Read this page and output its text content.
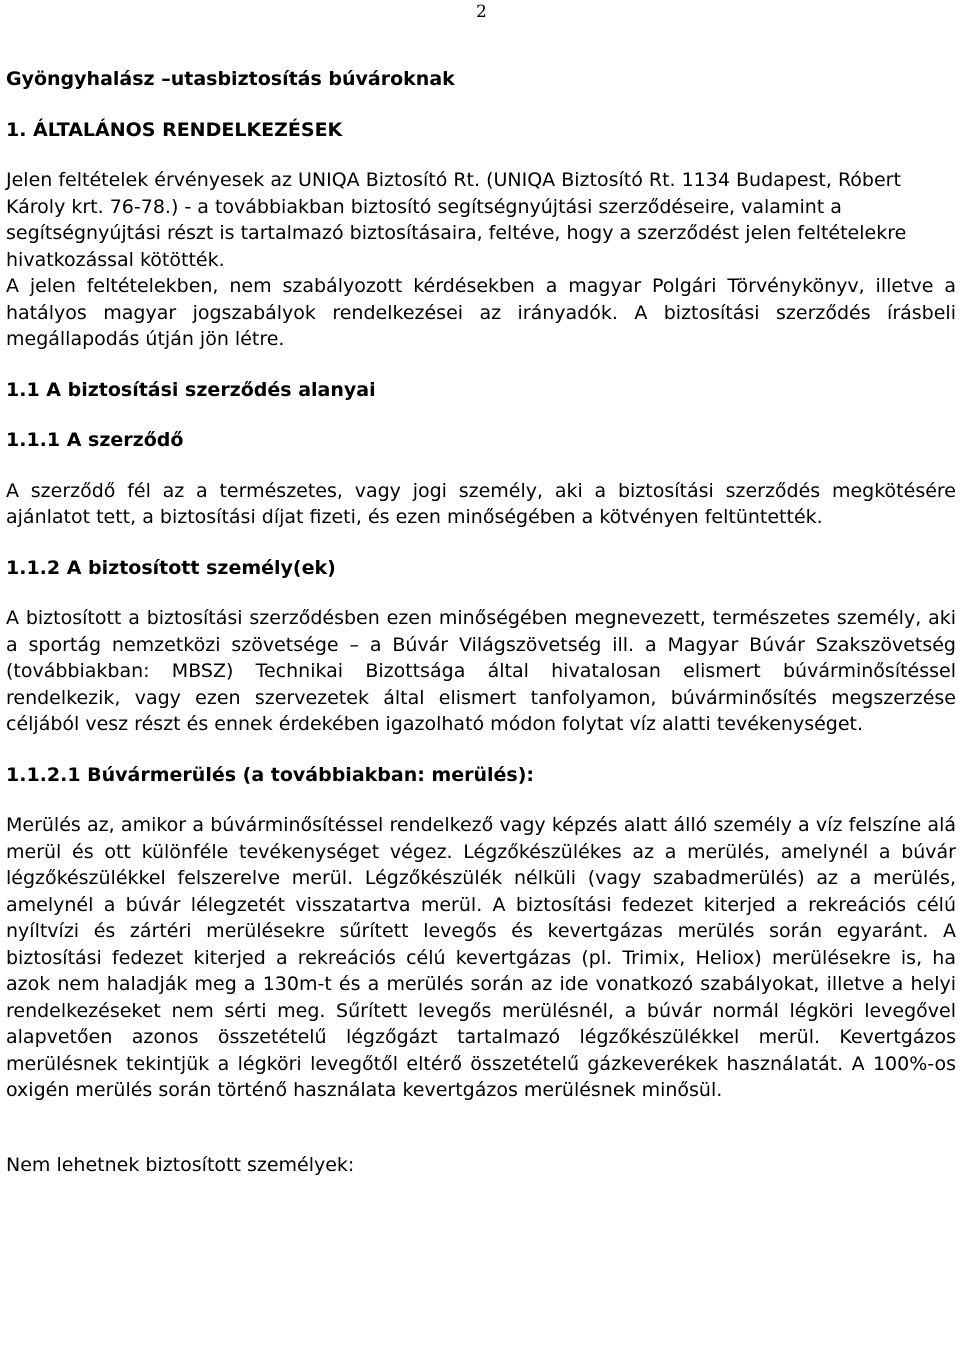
2
Gyöngyhalász –utasbiztosítás búvároknak
1. ÁLTALÁNOS RENDELKEZÉSEK

Jelen feltételek érvényesek az UNIQA Biztosító Rt. (UNIQA Biztosító Rt. 1134 Budapest, Róbert Károly krt. 76-78.) - a továbbiakban biztosító segítségnyújtási szerződéseire, valamint a segítségnyújtási részt is tartalmazó biztosításaira, feltéve, hogy a szerződést jelen feltételekre hivatkozással kötötték.

A jelen feltételekben, nem szabályozott kérdésekben a magyar Polgári Törvénykönyv, illetve a hatályos magyar jogszabályok rendelkezései az irányadók. A biztosítási szerződés írásbeli megállapodás útján jön létre.

1.1 A biztosítási szerződés alanyai
1.1.1 A szerződő

A szerződő fél az a természetes, vagy jogi személy, aki a biztosítási szerződés megkötésére ajánlatot tett, a biztosítási díjat fizeti, és ezen minőségében a kötvényen feltüntették.

1.1.2 A biztosított személy(ek)

A biztosított a biztosítási szerződésben ezen minőségében megnevezett, természetes személy, aki a sportág nemzetközi szövetsége – a Búvár Világszövetség ill. a Magyar Búvár Szakszövetség (továbbiakban: MBSZ) Technikai Bizottsága által hivatalosan elismert búvárminősítéssel rendelkezik, vagy ezen szervezetek által elismert tanfolyamon, búvárminősítés megszerzése céljából vesz részt és ennek érdekében igazolható módon folytat víz alatti tevékenységet.

1.1.2.1 Búvármerülés (a továbbiakban: merülés):

Merülés az, amikor a búvárminősítéssel rendelkező vagy képzés alatt álló személy a víz felszíne alá merül és ott különféle tevékenységet végez. Légzőkészülékes az a merülés, amelynél a búvár légzőkészülékkel felszerelve merül. Légzőkészülék nélküli (vagy szabadmerülés) az a merülés, amelynél a búvár lélegzetét visszatartva merül. A biztosítási fedezet kiterjed a rekreációs célú nyíltvízi és zártéri merülésekre sűrített levegős és kevertgázas merülés során egyaránt. A biztosítási fedezet kiterjed a rekreációs célú kevertgázas (pl. Trimix, Heliox) merülésekre is, ha azok nem haladják meg a 130m-t és a merülés során az ide vonatkozó szabályokat, illetve a helyi rendelkezéseket nem sérti meg. Sűrített levegős merülésnél, a búvár normál légköri levegővel alapvetően azonos összetételű légzőgázt tartalmazó légzőkészülékkel merül. Kevertgázos merülésnek tekintjük a légköri levegőtől eltérő összetételű gázkeverékek használatát. A 100%-os oxigén merülés során történő használata kevertgázos merülésnek minősül.

Nem lehetnek biztosított személyek:
